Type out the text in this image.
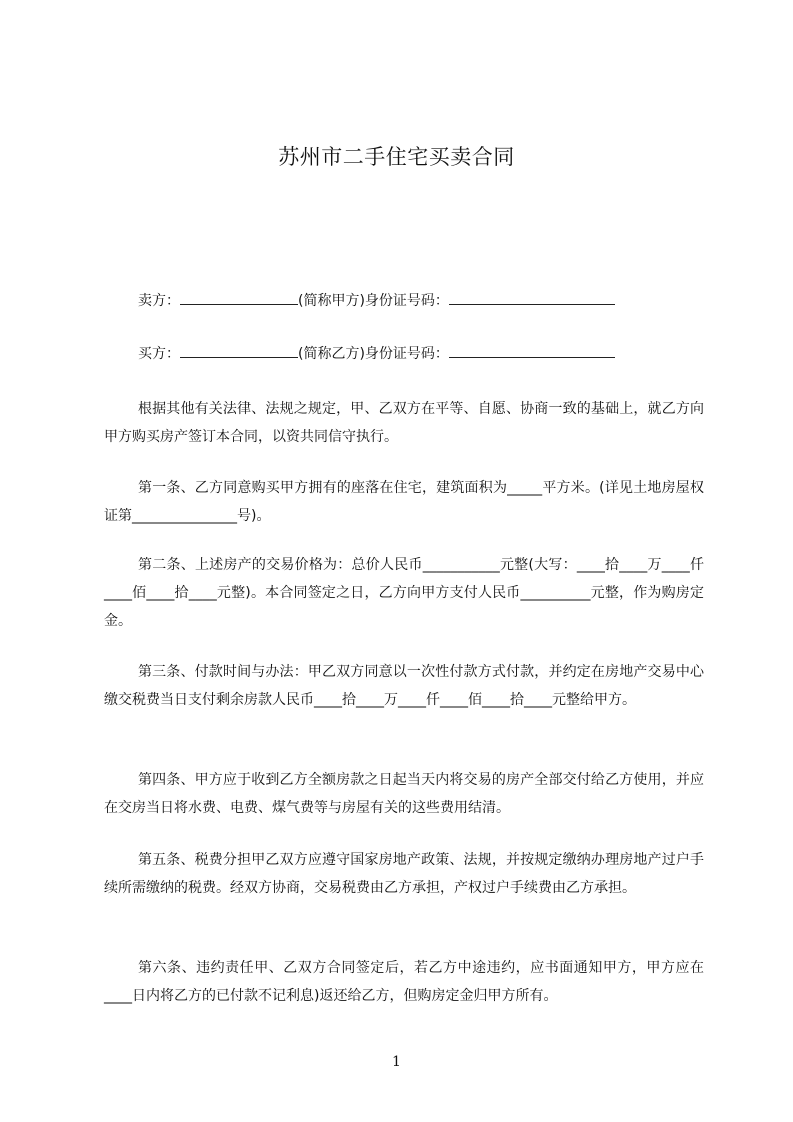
苏州市二手住宅买卖合同
卖方：	(简称甲方)身份证号码：
买方：	(简称乙方)身份证号码：
根据其他有关法律、法规之规定，甲、乙双方在平等、自愿、协商一致的基础上，就乙方向甲方购买房产签订本合同，以资共同信守执行。
第一条、乙方同意购买甲方拥有的座落在住宅，建筑面积为_____平方米。(详见土地房屋权证第_______________号)。
第二条、上述房产的交易价格为：总价人民币___________元整(大写：____拾____万____仟____佰____拾____元整)。本合同签定之日，乙方向甲方支付人民币__________元整，作为购房定金。
第三条、付款时间与办法：甲乙双方同意以一次性付款方式付款，并约定在房地产交易中心缴交税费当日支付剩余房款人民币____拾____万____仟____佰____拾____元整给甲方。
第四条、甲方应于收到乙方全额房款之日起当天内将交易的房产全部交付给乙方使用，并应在交房当日将水费、电费、煤气费等与房屋有关的这些费用结清。
第五条、税费分担甲乙双方应遵守国家房地产政策、法规，并按规定缴纳办理房地产过户手续所需缴纳的税费。经双方协商，交易税费由乙方承担，产权过户手续费由乙方承担。
第六条、违约责任甲、乙双方合同签定后，若乙方中途违约，应书面通知甲方，甲方应在____日内将乙方的已付款不记利息)返还给乙方，但购房定金归甲方所有。
1
